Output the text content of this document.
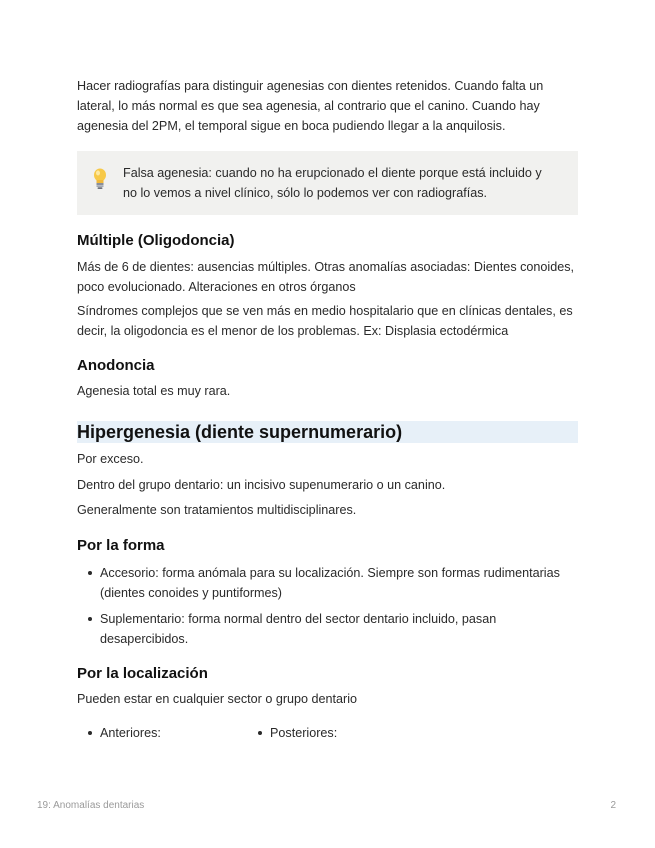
Hacer radiografías para distinguir agenesias con dientes retenidos. Cuando falta un lateral, lo más normal es que sea agenesia, al contrario que el canino. Cuando hay agenesia del 2PM, el temporal sigue en boca pudiendo llegar a la anquilosis.

Falsa agenesia: cuando no ha erupcionado el diente porque está incluido y no lo vemos a nivel clínico, sólo lo podemos ver con radiografías.

Múltiple (Oligodoncia)

Más de 6 de dientes: ausencias múltiples. Otras anomalías asociadas: Dientes conoides, poco evolucionado. Alteraciones en otros órganos

Síndromes complejos que se ven más en medio hospitalario que en clínicas dentales, es decir, la oligodoncia es el menor de los problemas. Ex: Displasia ectodérmica

Anodoncia

Agenesia total es muy rara.

Hipergenesia (diente supernumerario)

Por exceso.

Dentro del grupo dentario: un incisivo supenumerario o un canino.

Generalmente son tratamientos multidisciplinares.

Por la forma
Accesorio: forma anómala para su localización. Siempre son formas rudimentarias (dientes conoides y puntiformes)
Suplementario: forma normal dentro del sector dentario incluido, pasan desapercibidos.
Por la localización

Pueden estar en cualquier sector o grupo dentario

Anteriores:	Posteriores:
19: Anomalías dentarias	2
